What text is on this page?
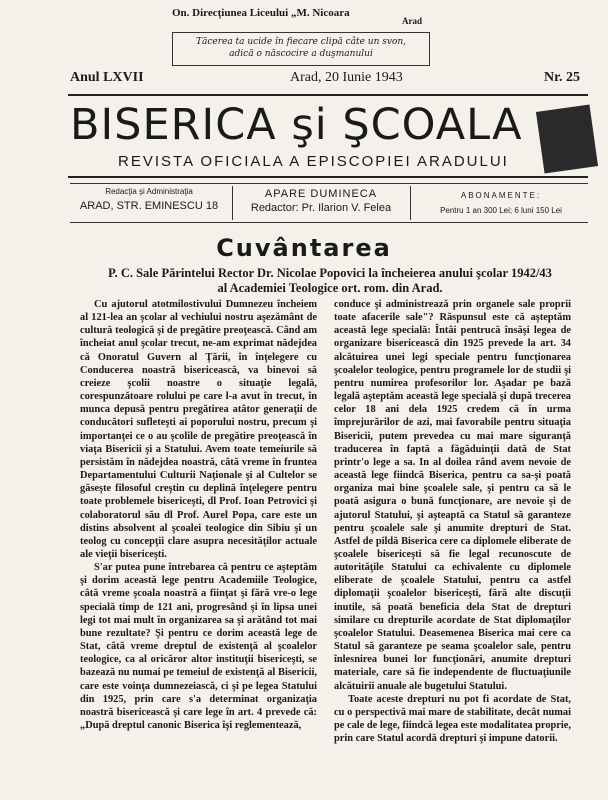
On. Direcţiunea Liceului „M. Nicoara
Arad
Tăcerea ta ucide în fiecare clipă câte un svon,
adică o născocire a duşmanului
Anul LXVII	Arad, 20 Iunie 1943	Nr. 25
BISERICA şi ŞCOALA
REVISTA OFICIALA A EPISCOPIEI ARADULUI
Redacţia şi Administraţia
ARAD, STR. EMINESCU 18
APARE DUMINECA
Redactor: Pr. Ilarion V. Felea
ABONAMENTE:
Pentru 1 an 300 Lei; 6 luni 150 Lei
Cuvântarea
P. C. Sale Părintelui Rector Dr. Nicolae Popovici la încheierea anului şcolar 1942/43
al Academiei Teologice ort. rom. din Arad.

Cu ajutorul atotmilostivului Dumnezeu încheiem al 121-lea an şcolar al vechiului nostru aşezământ de cultură teologică şi de pregătire preoţească. Când am încheiat anul şcolar trecut, ne-am exprimat nădejdea că Onoratul Guvern al Ţării, în înţelegere cu Conducerea noastră bisericească, va binevoi să creieze şcolii noastre o situaţie legală, corespunzătoare rolului pe care l-a avut în trecut, în munca depusă pentru pregătirea atâtor generaţii de conducători sufleteşti ai poporului nostru, precum şi importanţei ce o au şcolile de pregătire preoţească în viaţa Bisericii şi a Statului. Avem toate temeiurile să persistăm în nădejdea noastră, câtă vreme în fruntea Departamentului Culturii Naţionale şi al Cultelor se găseşte filosoful creştin cu deplină înţelegere pentru toate problemele bisericeşti, dl Prof. Ioan Petrovici şi colaboratorul său dl Prof. Aurel Popa, care este un distins absolvent al şcoalei teologice din Sibiu şi un teolog cu concepţii clare asupra necesităţilor actuale ale vieţii bisericeşti.

S'ar putea pune întrebarea că pentru ce aşteptăm şi dorim această lege pentru Academiile Teologice, câtă vreme şcoala noastră a fiinţat şi fără vre-o lege specială timp de 121 ani, progresând şi în lipsa unei legi tot mai mult în organizarea sa şi arătând tot mai bune rezultate? Şi pentru ce dorim această lege de Stat, câtă vreme dreptul de existenţă al şcoalelor teologice, ca al oricăror altor instituţii bisericeşti, se bazează nu numai pe temeiul de existenţă al Bisericii, care este voinţa dumnezeiască, ci şi pe legea Statului din 1925, prin care s'a determinat organizaţia noastră bisericească şi care lege în art. 4 prevede că: „După dreptul canonic Biserica îşi reglementează,

conduce şi administrează prin organele sale proprii toate afacerile sale"? Răspunsul este că aşteptăm această lege specială: Întâi pentrucă însăşi legea de organizare bisericească din 1925 prevede la art. 34 alcătuirea unei legi speciale pentru funcţionarea şcoalelor teologice, pentru programele lor de studii şi pentru numirea profesorilor lor. Aşadar pe bază legală aşteptăm această lege specială şi după trecerea celor 18 ani dela 1925 credem că în urma împrejurărilor de azi, mai favorabile pentru situaţia Bisericii, putem prevedea cu mai mare siguranţă traducerea în faptă a făgăduinţii dată de Stat printr'o lege a sa. In al doilea rând avem nevoie de această lege fiindcă Biserica, pentru ca sa-şi poată organiza mai bine şcoalele sale, şi pentru ca să le poată asigura o bună funcţionare, are nevoie şi de ajutorul Statului, şi aşteaptă ca Statul să garanteze pentru şcoalele sale şi anumite drepturi de Stat. Astfel de pildă Biserica cere ca diplomele eliberate de şcoalele bisericeşti să fie legal recunoscute de autorităţile Statului ca echivalente cu diplomele eliberate de şcoalele Statului, pentru ca astfel diplomaţii şcoalelor bisericeşti, fără alte discuţii inutile, să poată beneficia dela Stat de drepturi similare cu drepturile acordate de Stat diplomaţilor şcoalelor Statului. Deasemenea Biserica mai cere ca Statul să garanteze pe seama şcoalelor sale, pentru înlesnirea bunei lor funcţionări, anumite drepturi materiale, care să fie independente de fluctuaţiunile alcătuirii anuale ale bugetului Statului.

Toate aceste drepturi nu pot fi acordate de Stat, cu o perspectivă mai mare de stabilitate, decât numai pe cale de lege, fiindcă legea este modalitatea proprie, prin care Statul acordă drepturi şi impune datorii.
